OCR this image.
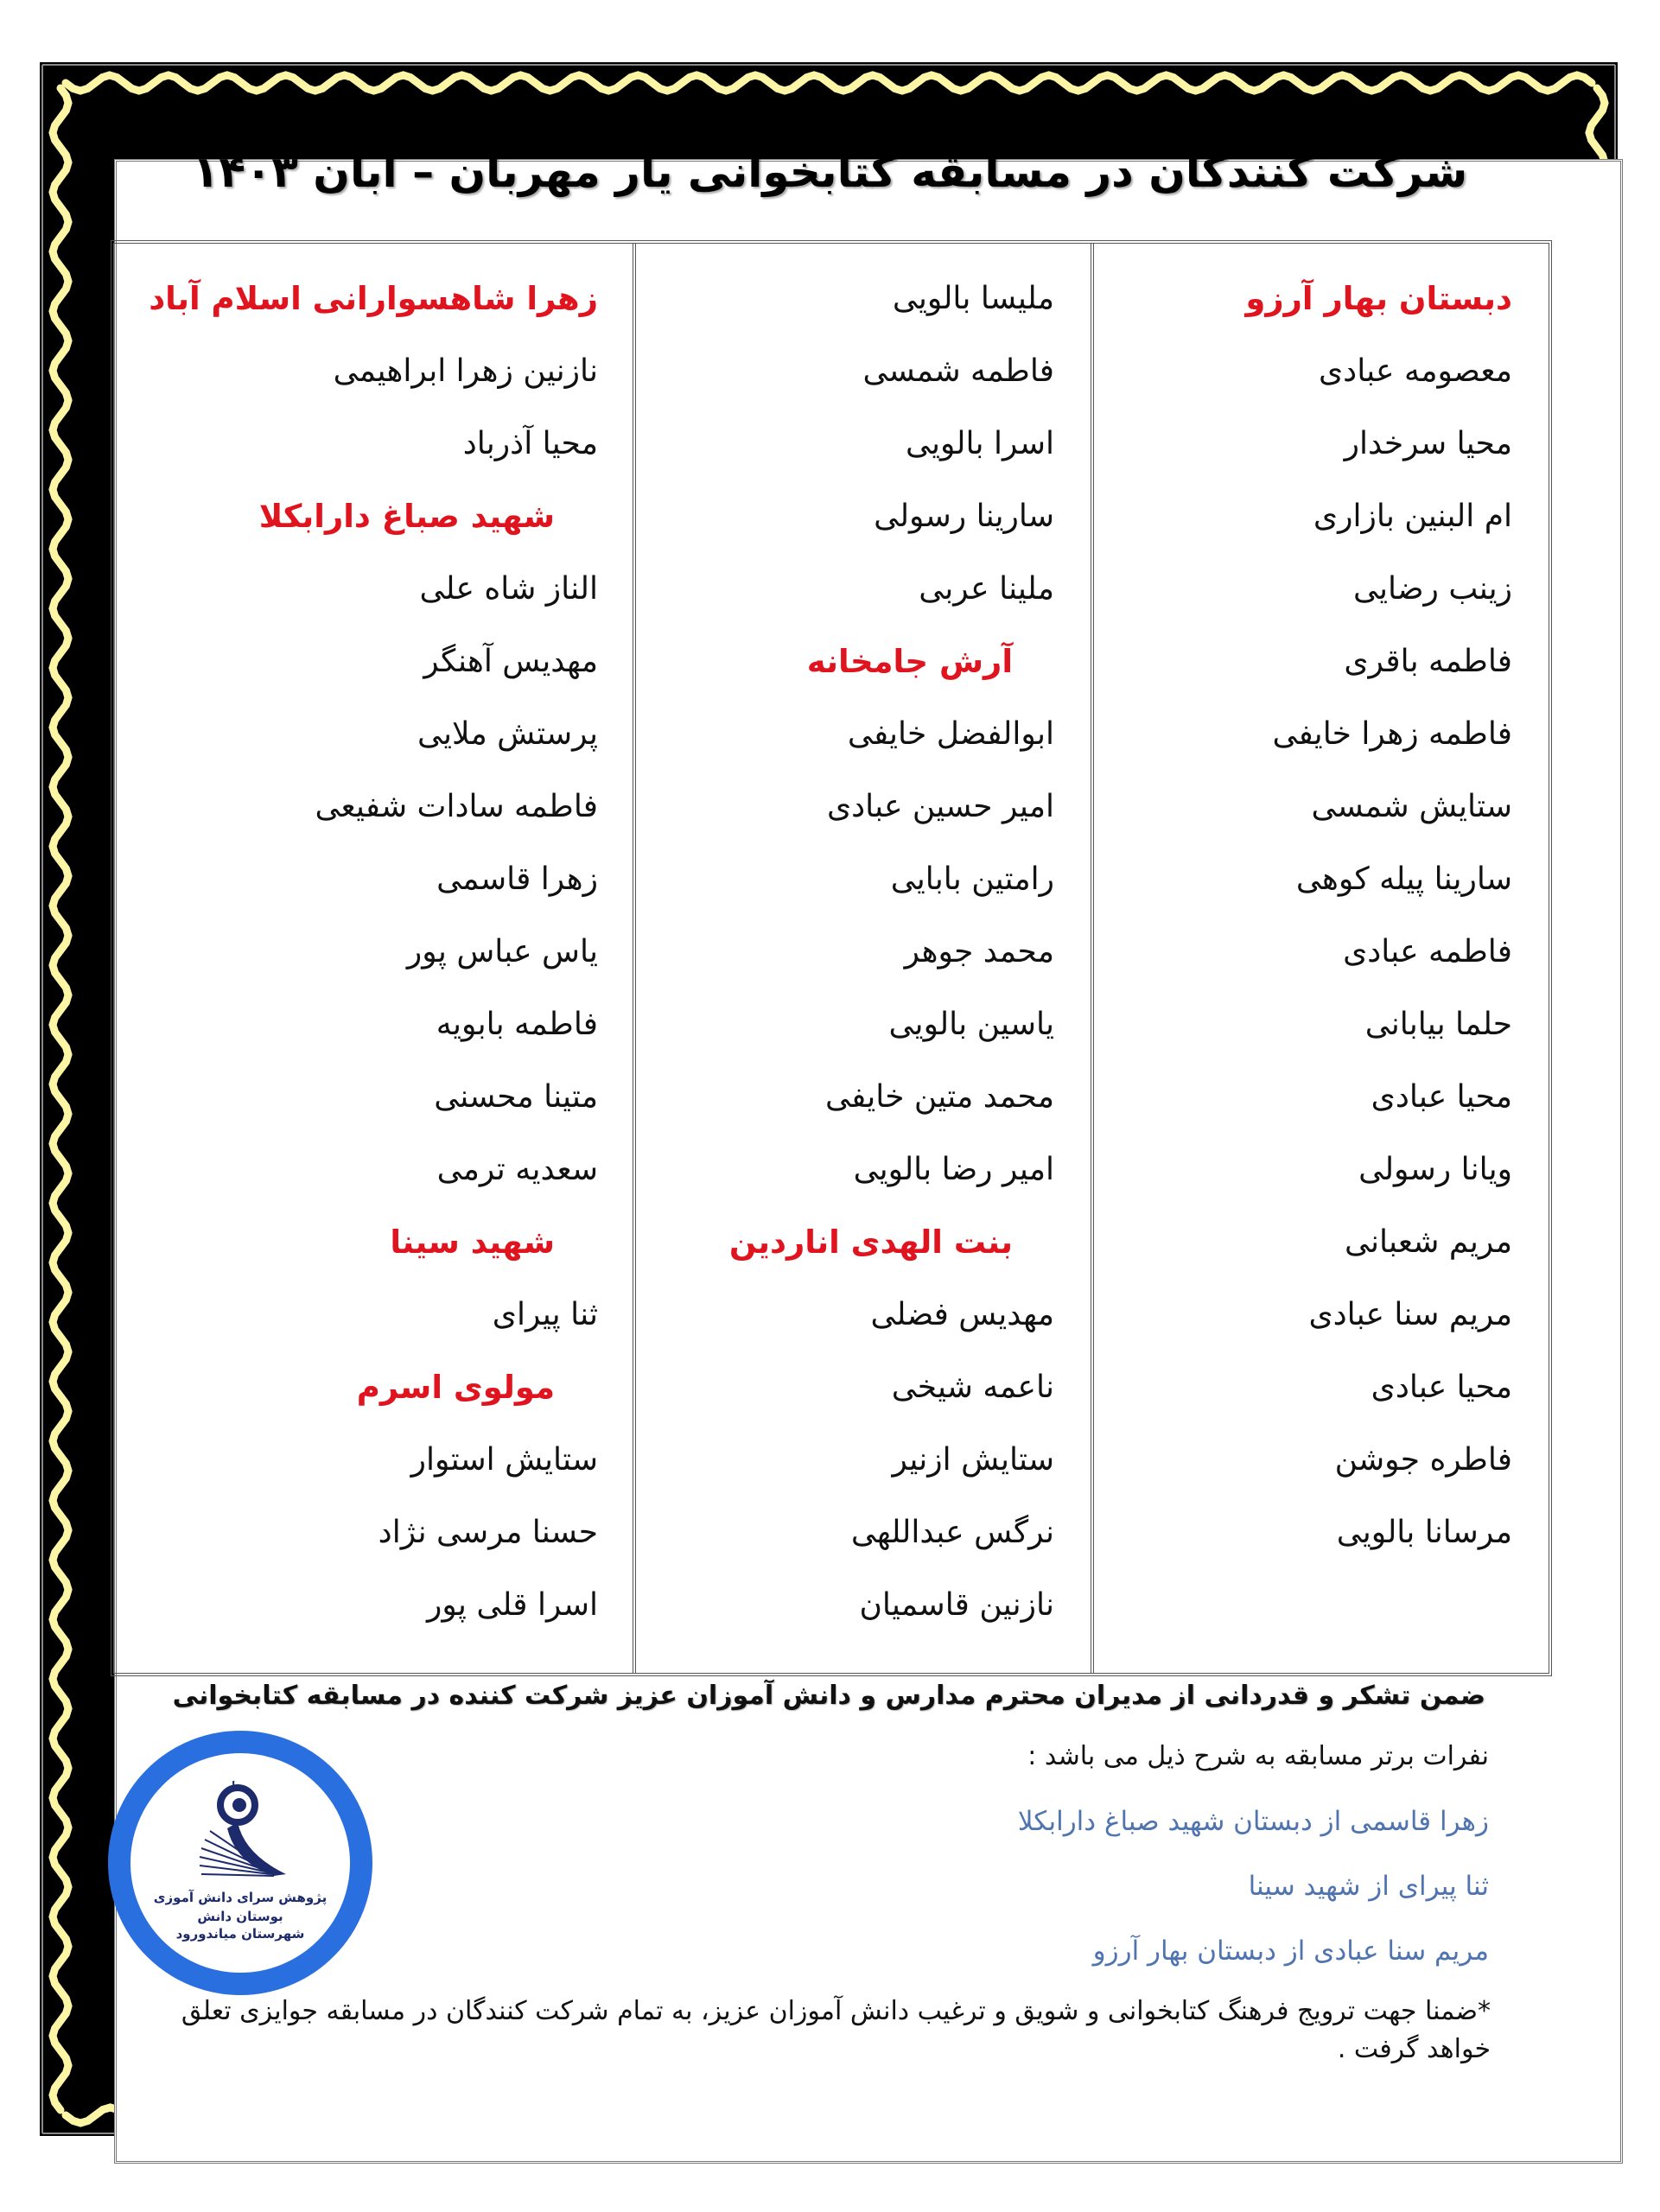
شرکت کنندگان در مسابقه کتابخوانی یار مهربان – آبان ۱۴۰۳
دبستان بهار آرزو
معصومه عبادی
محیا سرخدار
ام البنین بازاری
زینب رضایی
فاطمه باقری
فاطمه زهرا خایفی
ستایش شمسی
سارینا پیله کوهی
فاطمه عبادی
حلما بیابانی
محیا عبادی
ویانا رسولی
مریم شعبانی
مریم سنا عبادی
محیا عبادی
فاطره جوشن
مرسانا بالویی
ملیسا بالویی
فاطمه شمسی
اسرا بالویی
سارینا رسولی
ملینا عربی
آرش جامخانه
ابوالفضل خایفی
امیر حسین عبادی
رامتین بابایی
محمد جوهر
یاسین بالویی
محمد متین خایفی
امیر رضا بالویی
بنت الهدی اناردین
مهدیس فضلی
ناعمه شیخی
ستایش ازنیر
نرگس عبداللهی
نازنین قاسمیان
زهرا شاهسوارانی اسلام آباد
نازنین زهرا ابراهیمی
محیا آذرباد
شهید صباغ دارابکلا
الناز شاه علی
مهدیس آهنگر
پرستش ملایی
فاطمه سادات شفیعی
زهرا قاسمی
یاس عباس پور
فاطمه بابویه
متینا محسنی
سعدیه ترمی
شهید سینا
ثنا پیرای
مولوی اسرم
ستایش استوار
حسنا مرسی نژاد
اسرا قلی پور
ضمن تشکر و قدردانی از مدیران محترم مدارس و دانش آموزان عزیز شرکت کننده در مسابقه کتابخوانی
نفرات برتر مسابقه به شرح ذیل می باشد :
زهرا قاسمی از دبستان شهید صباغ دارابکلا
ثنا پیرای از شهید سینا
مریم سنا عبادی از دبستان بهار آرزو
*ضمنا جهت ترویج فرهنگ کتابخوانی و شویق و ترغیب دانش آموزان عزیز، به تمام شرکت کنندگان در مسابقه جوایزی تعلق خواهد گرفت .
پژوهش سرای دانش آموزی
بوستان دانش
شهرستان میاندورود
